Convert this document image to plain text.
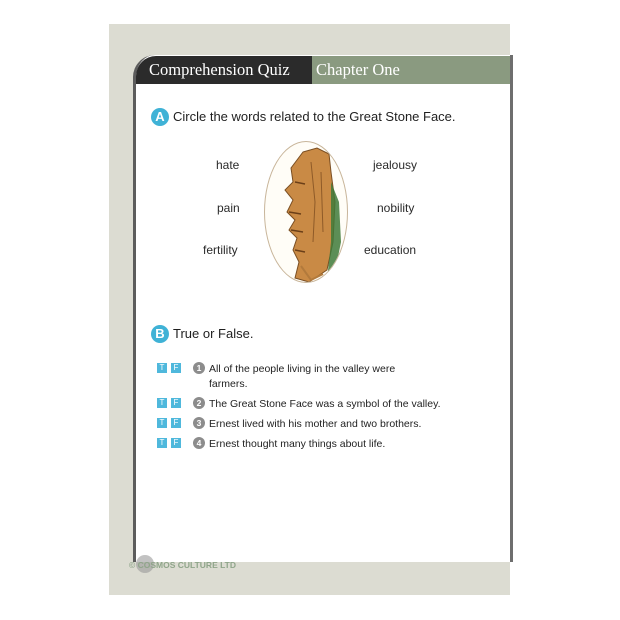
Comprehension Quiz	Chapter One
A Circle the words related to the Great Stone Face.
hate
pain
fertility
jealousy
nobility
education
B True or False.
T	F	1 All of the people living in the valley were
farmers.
T	F	2 The Great Stone Face was a symbol of the valley.
T	F	3 Ernest lived with his mother and two brothers.
T	F	4 Ernest thought many things about life.
© COSMOS CULTURE LTD
